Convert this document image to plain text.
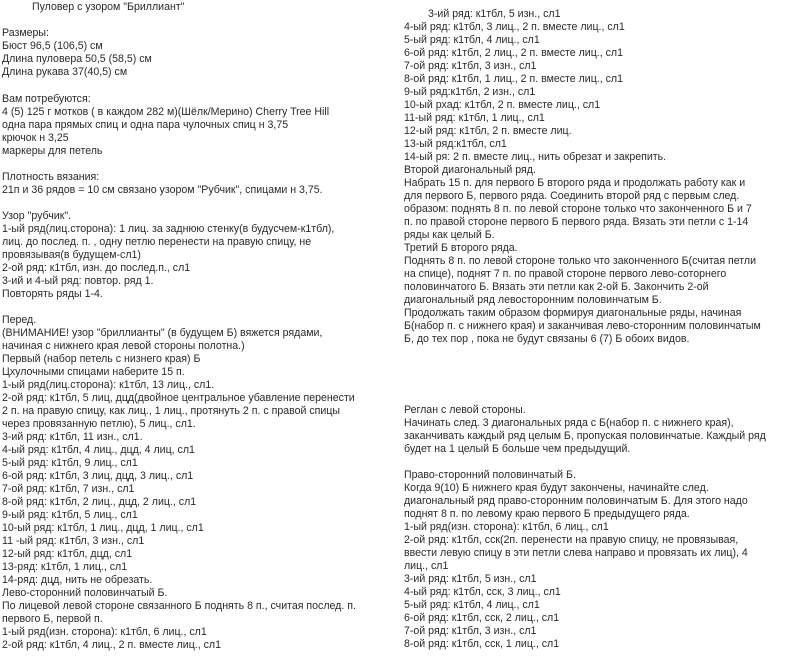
Пуловер с узором "Бриллиант"
Размеры:
Бюст 96,5 (106,5) см
Длина пуловера 50,5 (58,5) см
Длина рукава 37(40,5) см
Вам потребуются:
4 (5) 125 г мотков ( в каждом 282 м)(Шёлк/Мерино) Cherry Tree Hill
одна пара прямых спиц и одна пара чулочных спиц н 3,75
крючок н 3,25
маркеры для петель
Плотность вязания:
21п и 36 рядов = 10 см связано узором "Рубчик", спицами н 3,75.
Узор "рубчик".
1-ый ряд(лиц.сторона): 1 лиц. за заднюю стенку(в будусчем-к1тбл),
лиц. до послед. п. , одну петлю перенести на правую спицу, не
провязывая(в будущем-сл1)
2-ой ряд: к1тбл, изн. до послед.п., сл1
3-ий и 4-ый ряд: повтор. ряд 1.
Повторять ряды 1-4.
Перед.
(ВНИМАНИЕ! узор "бриллианты" (в будущем Б) вяжется рядами,
начиная с нижнего края левой стороны полотна.)
Первый (набор петель с низнего края) Б
Цхулочными спицами наберите 15 п.
1-ый ряд(лиц.сторона): к1тбл, 13 лиц., сл1.
2-ой ряд: к1тбл, 5 лиц, дцд(двойное центральное убавление перенести
2 п. на правую спицу, как лиц., 1 лиц., протянуть 2 п. с правой спицы
через провязанную петлю), 5 лиц., сл1.
3-ий ряд: к1тбл, 11 изн., сл1.
4-ый ряд: к1тбл, 4 лиц., дцд, 4 лиц, сл1
5-ый ряд: к1тбл, 9 лиц., сл1
6-ой ряд: к1тбл, 3 лиц, дцд, 3 лиц., сл1
7-ой ряд: к1тбл, 7 изн., сл1
8-ой ряд: к1тбл, 2 лиц., дцд, 2 лиц., сл1
9-ый ряд: к1тбл, 5 лиц., сл1
10-ый ряд: к1тбл, 1 лиц., дцд, 1 лиц., сл1
11 -ый ряд: к1тбл, 3 изн., сл1
12-ый ряд: к1тбл, дцд, сл1
13-ряд: к1тбл, 1 лиц., сл1
14-ряд: дцд, нить не обрезать.
Лево-сторонний половинчатый Б.
По лицевой левой стороне связанного Б поднять 8 п., считая послед. п.
первого Б, первой п.
1-ый ряд(изн. сторона): к1тбл, 6 лиц., сл1
2-ой ряд: к1тбл, 4 лиц., 2 п. вместе лиц., сл1
3-ий ряд: к1тбл, 5 изн., сл1
4-ый ряд: к1тбл, 3 лиц., 2 п. вместе лиц., сл1
5-ый ряд: к1тбл, 4 лиц., сл1
6-ой ряд: к1тбл, 2 лиц., 2 п. вместе лиц., сл1
7-ой ряд: к1тбл, 3 изн., сл1
8-ой ряд: к1тбл, 1 лиц., 2 п. вместе лиц., сл1
9-ый ряд:к1тбл, 2 изн., сл1
10-ый рхад: к1тбл, 2 п. вместе лиц., сл1
11-ый ряд: к1тбл, 1 лиц., сл1
12-ый ряд: к1тбл, 2 п. вместе лиц.
13-ый ряд:к1тбл, сл1
14-ый ря: 2 п. вместе лиц., нить обрезат и закрепить.
Второй диагональный ряд.
Набрать 15 п. для первого Б второго ряда и продолжать работу как и
для первого Б, первого ряда. Соединить второй ряд с первым след.
образом: поднять 8 п. по левой стороне только что законченного Б и 7
п. по правой стороне первого Б первого ряда. Вязать эти петли с 1-14
ряды как целый Б.
Третий Б второго ряда.
Поднять 8 п. по левой стороне только что законченного Б(считая петли
на спице), поднят 7 п. по правой стороне первого лево-соторнего
половинчатого Б. Вязать эти петли как 2-ой Б. Закончить 2-ой
диагональный ряд левосторонним половинчатым Б.
Продолжать таким образом формируя диагональные ряды, начиная
Б(набор п. с нижнего края) и заканчивая лево-сторонним половинчатым
Б, до тех пор , пока не будут связаны 6 (7) Б обоих видов.
Реглан с левой стороны.
Начинать след. 3 диагональных ряда с Б(набор п. с нижнего края),
заканчивать каждый ряд целым Б, пропуская половинчатые. Каждый ряд
будет на 1 целый Б больше чем предыдущий.
Право-сторонний половинчатый Б.
Когда 9(10) Б нижнего края будут закончены, начинайте след.
диагональный ряд право-сторонним половинчатым Б. Для этого надо
поднят 8 п. по левому краю первого Б предыдущего ряда.
1-ый ряд(изн. сторона): к1тбл, 6 лиц., сл1
2-ой ряд: к1тбл, сск(2п. перенести на правую спицу, не провязывая,
ввести левую спицу в эти петли слева направо и провязать их лиц), 4
лиц., сл1
3-ий ряд: к1тбл, 5 изн., сл1
4-ый ряд: к1тбл, сск, 3 лиц., сл1
5-ый ряд: к1тбл, 4 лиц., сл1
6-ой ряд: к1тбл, сск, 2 лиц., сл1
7-ой ряд: к1тбл, 3 изн., сл1
8-ой ряд: к1тбл, сск, 1 лиц., сл1
